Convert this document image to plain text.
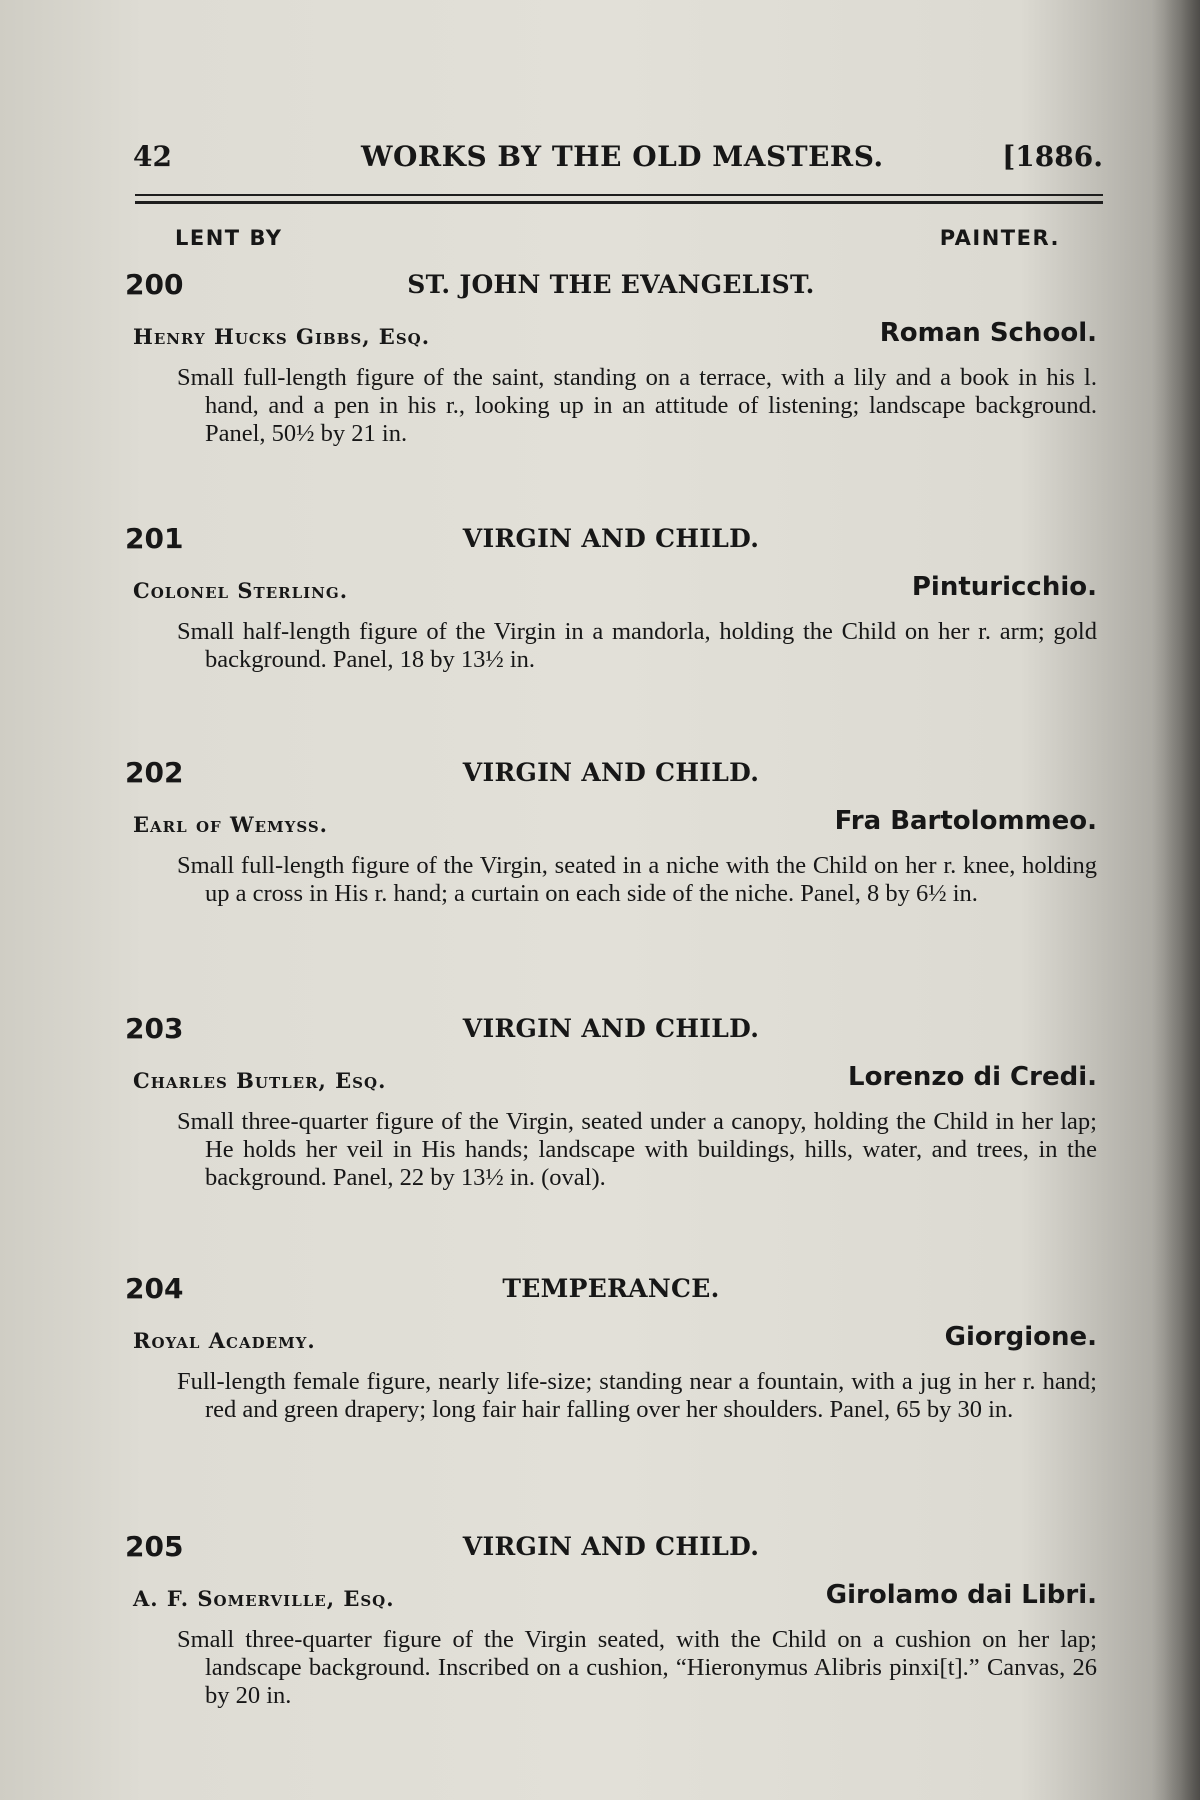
42	WORKS BY THE OLD MASTERS.	[1886.
LENT BY	PAINTER.
200	ST. JOHN THE EVANGELIST.
Henry Hucks Gibbs, Esq.	Roman School.
Small full-length figure of the saint, standing on a terrace, with a lily and a book in his l. hand, and a pen in his r., looking up in an attitude of listening; landscape background. Panel, 50½ by 21 in.
201	VIRGIN AND CHILD.
Colonel Sterling.	Pinturicchio.
Small half-length figure of the Virgin in a mandorla, holding the Child on her r. arm; gold background. Panel, 18 by 13½ in.
202	VIRGIN AND CHILD.
Earl of Wemyss.	Fra Bartolommeo.
Small full-length figure of the Virgin, seated in a niche with the Child on her r. knee, holding up a cross in His r. hand; a curtain on each side of the niche. Panel, 8 by 6½ in.
203	VIRGIN AND CHILD.
Charles Butler, Esq.	Lorenzo di Credi.
Small three-quarter figure of the Virgin, seated under a canopy, holding the Child in her lap; He holds her veil in His hands; landscape with buildings, hills, water, and trees, in the background. Panel, 22 by 13½ in. (oval).
204	TEMPERANCE.
Royal Academy.	Giorgione.
Full-length female figure, nearly life-size; standing near a fountain, with a jug in her r. hand; red and green drapery; long fair hair falling over her shoulders. Panel, 65 by 30 in.
205	VIRGIN AND CHILD.
A. F. Somerville, Esq.	Girolamo dai Libri.
Small three-quarter figure of the Virgin seated, with the Child on a cushion on her lap; landscape background. Inscribed on a cushion, “Hieronymus Alibris pinxi[t].” Canvas, 26 by 20 in.
